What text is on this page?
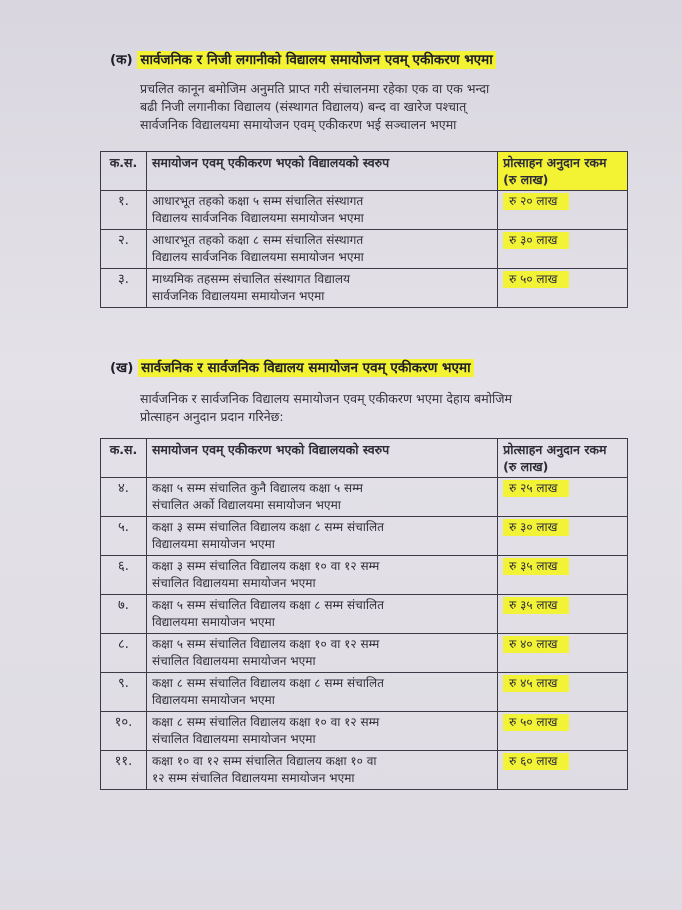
(क) सार्वजनिक र निजी लगानीको विद्यालय समायोजन एवम् एकीकरण भएमा
प्रचलित कानून बमोजिम अनुमति प्राप्त गरी संचालनमा रहेका एक वा एक भन्दा
बढी निजी लगानीका विद्यालय (संस्थागत विद्यालय) बन्द वा खारेज पश्चात्
सार्वजनिक विद्यालयमा समायोजन एवम् एकीकरण भई सञ्चालन भएमा
क.स.	समायोजन एवम् एकीकरण भएको विद्यालयको स्वरुप	प्रोत्साहन अनुदान रकम (रु लाख)

१.	आधारभूत तहको कक्षा ५ सम्म संचालित संस्थागत
विद्यालय सार्वजनिक विद्यालयमा समायोजन भएमा	रु २० लाख
२.	आधारभूत तहको कक्षा ८ सम्म संचालित संस्थागत
विद्यालय सार्वजनिक विद्यालयमा समायोजन भएमा	रु ३० लाख
३.	माध्यमिक तहसम्म संचालित संस्थागत विद्यालय
सार्वजनिक विद्यालयमा समायोजन भएमा	रु ५० लाख
(ख) सार्वजनिक र सार्वजनिक विद्यालय समायोजन एवम् एकीकरण भएमा
सार्वजनिक र सार्वजनिक विद्यालय समायोजन एवम् एकीकरण भएमा देहाय बमोजिम
प्रोत्साहन अनुदान प्रदान गरिनेछ:
क.स.	समायोजन एवम् एकीकरण भएको विद्यालयको स्वरुप	प्रोत्साहन अनुदान रकम (रु लाख)
४.	कक्षा ५ सम्म संचालित कुनै विद्यालय कक्षा ५ सम्म
संचालित अर्को विद्यालयमा समायोजन भएमा	रु २५ लाख
५.	कक्षा ३ सम्म संचालित विद्यालय कक्षा ८ सम्म संचालित
विद्यालयमा समायोजन भएमा	रु ३० लाख
६.	कक्षा ३ सम्म संचालित विद्यालय कक्षा १० वा १२ सम्म
संचालित विद्यालयमा समायोजन भएमा	रु ३५ लाख
७.	कक्षा ५ सम्म संचालित विद्यालय कक्षा ८ सम्म संचालित
विद्यालयमा समायोजन भएमा	रु ३५ लाख
८.	कक्षा ५ सम्म संचालित विद्यालय कक्षा १० वा १२ सम्म
संचालित विद्यालयमा समायोजन भएमा	रु ४० लाख
९.	कक्षा ८ सम्म संचालित विद्यालय कक्षा ८ सम्म संचालित
विद्यालयमा समायोजन भएमा	रु ४५ लाख
१०.	कक्षा ८ सम्म संचालित विद्यालय कक्षा १० वा १२ सम्म
संचालित विद्यालयमा समायोजन भएमा	रु ५० लाख
११.	कक्षा १० वा १२ सम्म संचालित विद्यालय कक्षा १० वा
१२ सम्म संचालित विद्यालयमा समायोजन भएमा	रु ६० लाख
